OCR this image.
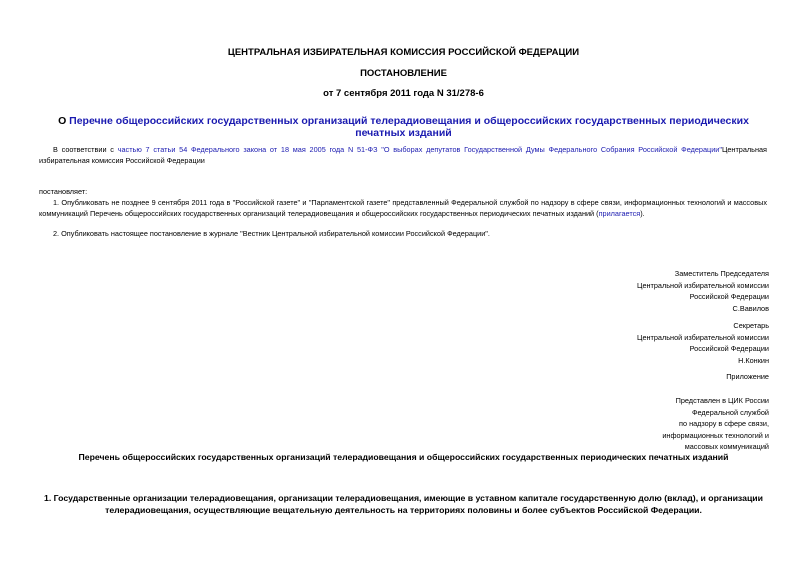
ЦЕНТРАЛЬНАЯ ИЗБИРАТЕЛЬНАЯ КОМИССИЯ РОССИЙСКОЙ ФЕДЕРАЦИИ
ПОСТАНОВЛЕНИЕ
от 7 сентября 2011 года N 31/278-6
О Перечне общероссийских государственных организаций телерадиовещания и общероссийских государственных периодических печатных изданий
В соответствии с частью 7 статьи 54 Федерального закона от 18 мая 2005 года N 51-ФЗ "О выборах депутатов Государственной Думы Федерального Собрания Российской Федерации"Центральная избирательная комиссия Российской Федерации
постановляет:
1. Опубликовать не позднее 9 сентября 2011 года в "Российской газете" и "Парламентской газете" представленный Федеральной службой по надзору в сфере связи, информационных технологий и массовых коммуникаций Перечень общероссийских государственных организаций телерадиовещания и общероссийских государственных периодических печатных изданий (прилагается).
2. Опубликовать настоящее постановление в журнале "Вестник Центральной избирательной комиссии Российской Федерации".
Заместитель Председателя
Центральной избирательной комиссии
Российской Федерации
С.Вавилов
Секретарь
Центральной избирательной комиссии
Российской Федерации
Н.Конкин
Приложение
Представлен в ЦИК России
Федеральной службой
по надзору в сфере связи,
информационных технологий и
массовых коммуникаций
Перечень общероссийских государственных организаций телерадиовещания и общероссийских государственных периодических печатных изданий
1. Государственные организации телерадиовещания, организации телерадиовещания, имеющие в уставном капитале государственную долю (вклад), и организации телерадиовещания, осуществляющие вещательную деятельность на территориях половины и более субъектов Российской Федерации.
